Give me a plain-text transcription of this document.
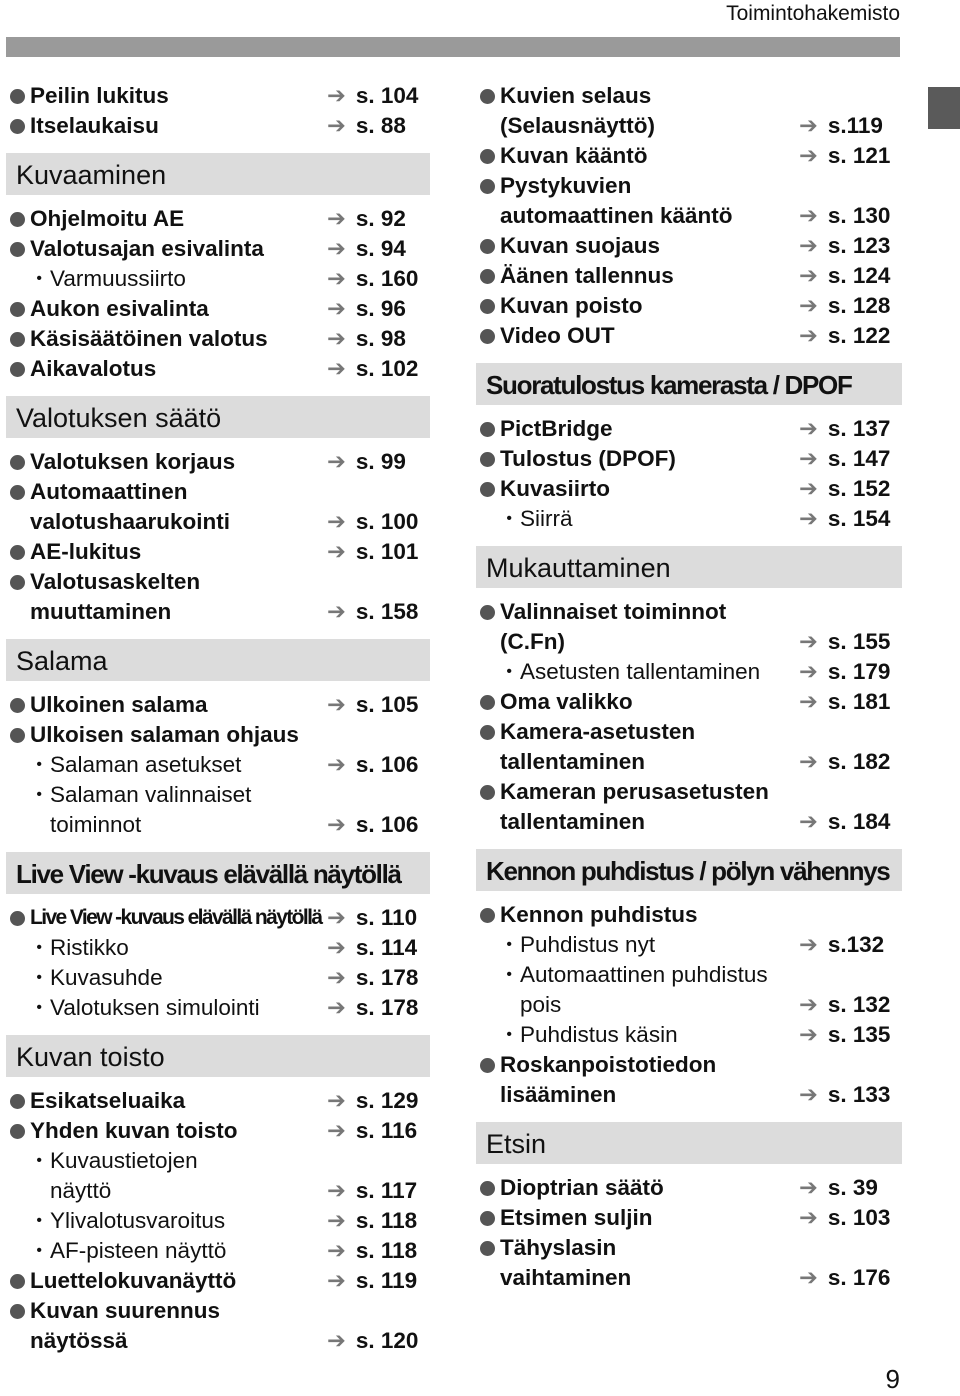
Toimintohakemisto
Peilin lukitus	➔ s. 104
Itselaukaisu	➔ s. 88
Kuvaaminen
Ohjelmoitu AE	➔ s. 92
Valotusajan esivalinta	➔ s. 94
• Varmuussiirto	➔ s. 160
Aukon esivalinta	➔ s. 96
Käsisäätöinen valotus	➔ s. 98
Aikavalotus	➔ s. 102
Valotuksen säätö
Valotuksen korjaus	➔ s. 99
Automaattinen
valotushaarukointi	➔ s. 100
AE-lukitus	➔ s. 101
Valotusaskelten
muuttaminen	➔ s. 158
Salama
Ulkoinen salama	➔ s. 105
Ulkoisen salaman ohjaus
• Salaman asetukset	➔ s. 106
• Salaman valinnaiset
toiminnot	➔ s. 106
Live View -kuvaus elävällä näytöllä
Live View -kuvaus elävällä näytöllä ➔ s. 110
• Ristikko	➔ s. 114
• Kuvasuhde	➔ s. 178
• Valotuksen simulointi	➔ s. 178
Kuvan toisto
Esikatseluaika	➔ s. 129
Yhden kuvan toisto	➔ s. 116
• Kuvaustietojen
näyttö	➔ s. 117
• Ylivalotusvaroitus	➔ s. 118
• AF-pisteen näyttö	➔ s. 118
Luettelokuvanäyttö	➔ s. 119
Kuvan suurennus
näytössä	➔ s. 120
Kuvien selaus
(Selausnäyttö)	➔ s.119
Kuvan kääntö	➔ s. 121
Pystykuvien
automaattinen kääntö	➔ s. 130
Kuvan suojaus	➔ s. 123
Äänen tallennus	➔ s. 124
Kuvan poisto	➔ s. 128
Video OUT	➔ s. 122
Suoratulostus kamerasta / DPOF
PictBridge	➔ s. 137
Tulostus (DPOF)	➔ s. 147
Kuvasiirto	➔ s. 152
• Siirrä	➔ s. 154
Mukauttaminen
Valinnaiset toiminnot
(C.Fn)	➔ s. 155
• Asetusten tallentaminen	➔ s. 179
Oma valikko	➔ s. 181
Kamera-asetusten
tallentaminen	➔ s. 182
Kameran perusasetusten
tallentaminen	➔ s. 184
Kennon puhdistus / pölyn vähennys
Kennon puhdistus
• Puhdistus nyt	➔ s.132
• Automaattinen puhdistus
pois	➔ s. 132
• Puhdistus käsin	➔ s. 135
Roskanpoistotiedon
lisääminen	➔ s. 133
Etsin
Dioptrian säätö	➔ s. 39
Etsimen suljin	➔ s. 103
Tähyslasin
vaihtaminen	➔ s. 176
9
